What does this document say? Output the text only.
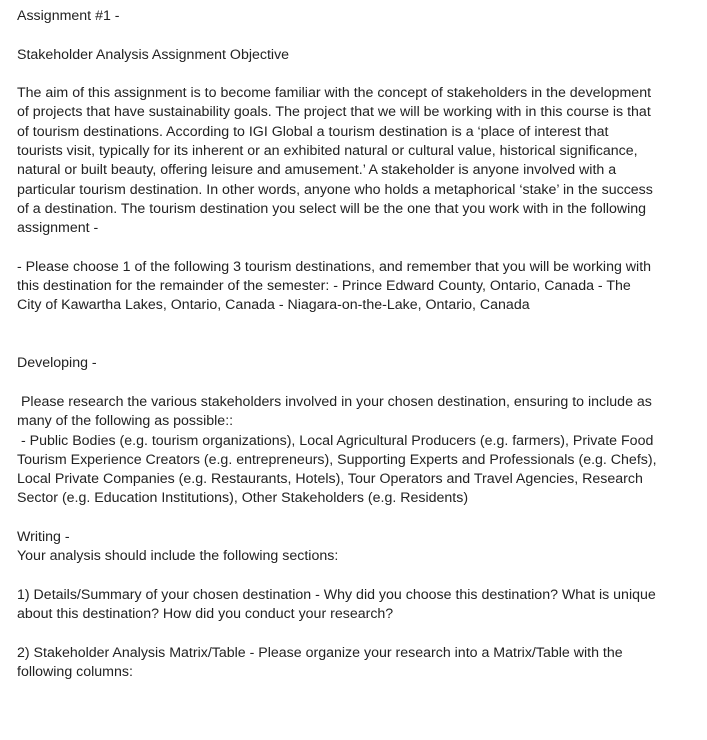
Assignment #1 -

Stakeholder Analysis Assignment Objective

The aim of this assignment is to become familiar with the concept of stakeholders in the development of projects that have sustainability goals. The project that we will be working with in this course is that of tourism destinations. According to IGI Global a tourism destination is a ‘place of interest that tourists visit, typically for its inherent or an exhibited natural or cultural value, historical significance, natural or built beauty, offering leisure and amusement.’ A stakeholder is anyone involved with a particular tourism destination. In other words, anyone who holds a metaphorical ‘stake’ in the success of a destination. The tourism destination you select will be the one that you work with in the following assignment -

- Please choose 1 of the following 3 tourism destinations, and remember that you will be working with this destination for the remainder of the semester: - Prince Edward County, Ontario, Canada - The City of Kawartha Lakes, Ontario, Canada - Niagara-on-the-Lake, Ontario, Canada

Developing -

Please research the various stakeholders involved in your chosen destination, ensuring to include as many of the following as possible::

- Public Bodies (e.g. tourism organizations), Local Agricultural Producers (e.g. farmers), Private Food Tourism Experience Creators (e.g. entrepreneurs), Supporting Experts and Professionals (e.g. Chefs), Local Private Companies (e.g. Restaurants, Hotels), Tour Operators and Travel Agencies, Research Sector (e.g. Education Institutions), Other Stakeholders (e.g. Residents)

Writing -

Your analysis should include the following sections:

1) Details/Summary of your chosen destination - Why did you choose this destination? What is unique about this destination? How did you conduct your research?

2) Stakeholder Analysis Matrix/Table - Please organize your research into a Matrix/Table with the following columns:
